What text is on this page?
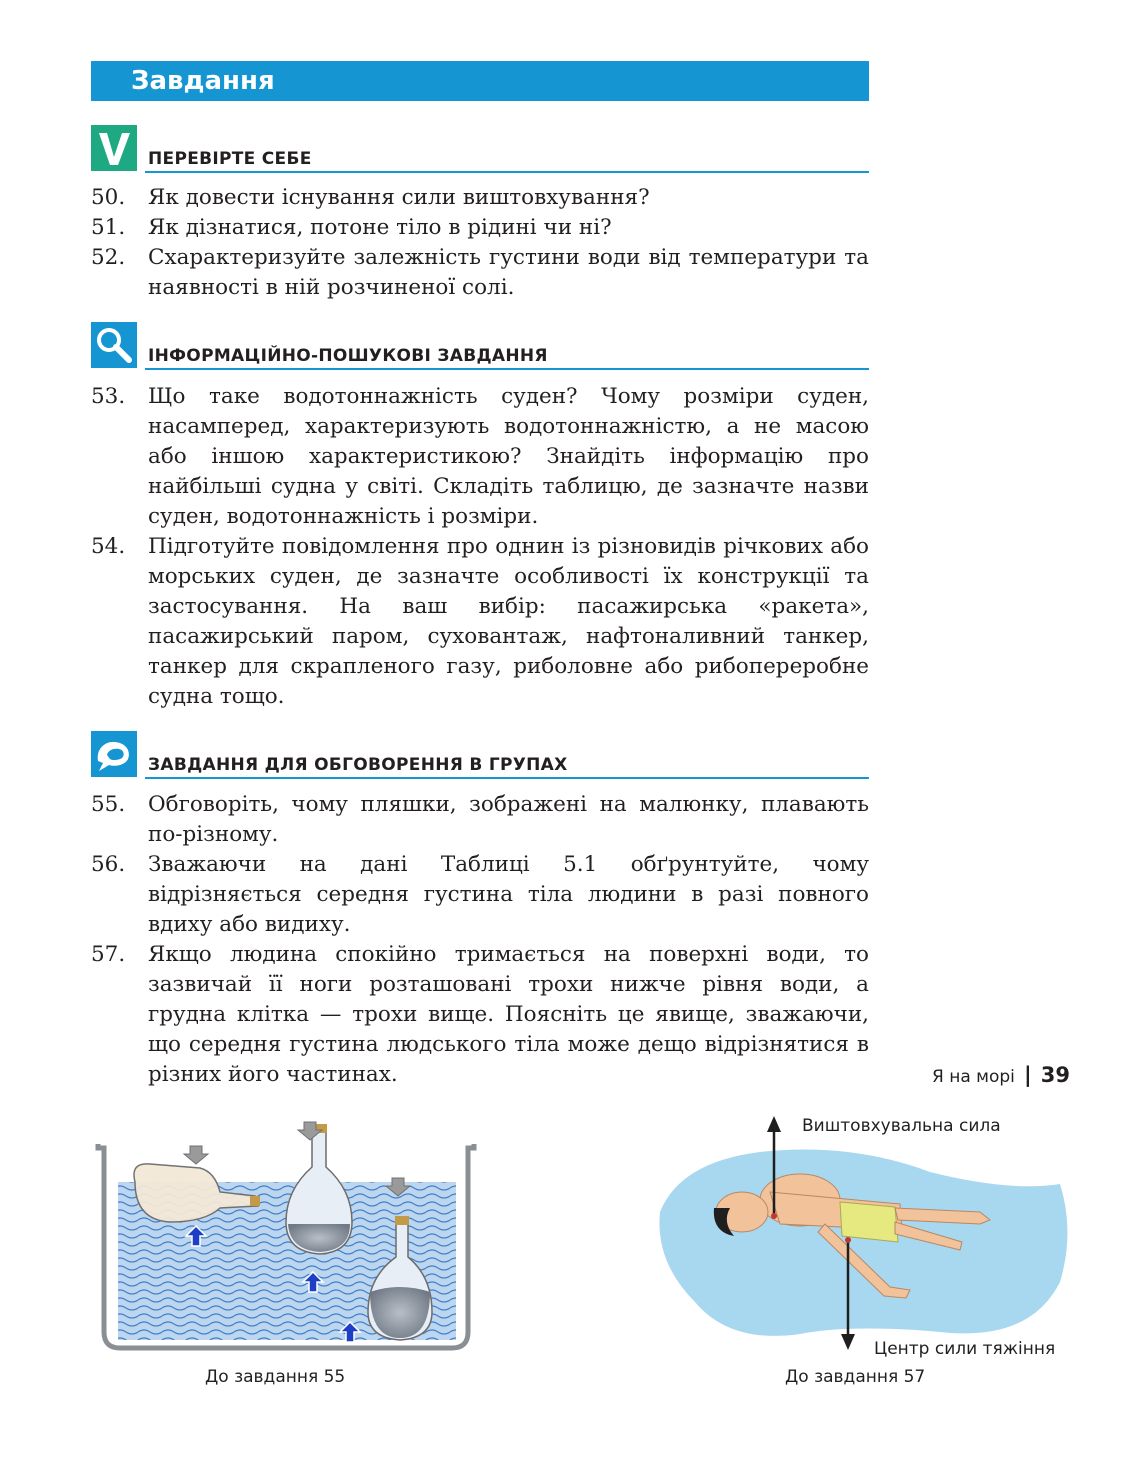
Завдання
ПЕРЕВІРТЕ СЕБЕ
50. Як довести існування сили виштовхування?
51. Як дізнатися, потоне тіло в рідині чи ні?
52. Схарактеризуйте залежність густини води від температури та наявності в ній розчиненої солі.
ІНФОРМАЦІЙНО-ПОШУКОВІ ЗАВДАННЯ
53. Що таке водотоннажність суден? Чому розміри суден, насамперед, характеризують водотоннажністю, а не масою або іншою характеристикою? Знайдіть інформацію про найбільші судна у світі. Складіть таблицю, де зазначте назви суден, водотоннажність і розміри.
54. Підготуйте повідомлення про однин із різновидів річкових або морських суден, де зазначте особливості їх конструкції та застосування. На ваш вибір: пасажирська «ракета», пасажирський паром, суховантаж, нафтоналивний танкер, танкер для скрапленого газу, риболовне або рибопереробне судна тощо.
ЗАВДАННЯ ДЛЯ ОБГОВОРЕННЯ В ГРУПАХ
55. Обговоріть, чому пляшки, зображені на малюнку, плавають по-різному.
56. Зважаючи на дані Таблиці 5.1 обґрунтуйте, чому відрізняється середня густина тіла людини в разі повного вдиху або видиху.
57. Якщо людина спокійно тримається на поверхні води, то зазвичай її ноги розташовані трохи нижче рівня води, а грудна клітка — трохи вище. Поясніть це явище, зважаючи, що середня густина людського тіла може дещо відрізнятися в різних його частинах.
До завдання 55
Виштовхувальна сила
Центр сили тяжіння
До завдання 57
Я на морі | 39
